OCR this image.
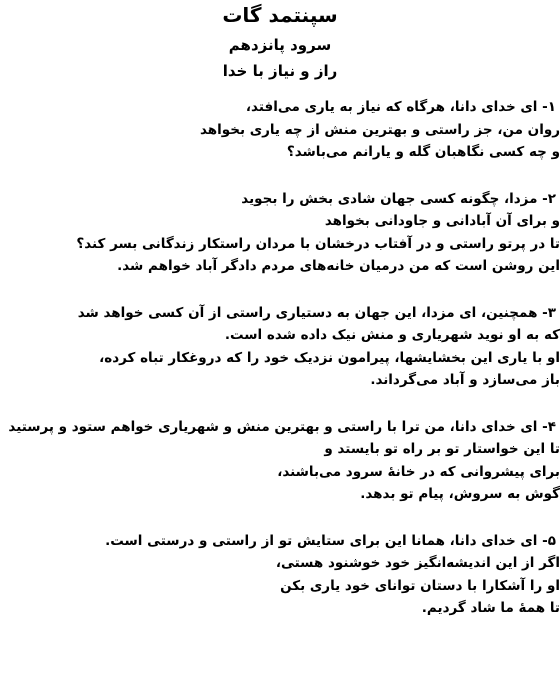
سپنتمد گات
سرود پانزدهم
راز و نیاز با خدا
۱- ای خدای دانا، هرگاه که نیاز به یاری می‌افتد،
روان من، جز راستی و بهترین منش از چه یاری بخواهد
و چه کسی نگاهبان گله و یارانم می‌باشد؟
۲- مزدا، چگونه کسی جهان شادی بخش را بجوید
و برای آن آبادانی و جاودانی بخواهد
تا در پرتو راستی و در آفتاب درخشان با مردان راستکار زندگانی بسر کند؟
این روشن است که من درمیان خانه‌های مردم دادگر آباد خواهم شد.
۳- همچنین، ای مزدا، این جهان به دستیاری راستی از آن کسی خواهد شد
که به او نوید شهریاری و منش نیک داده شده است.
او با یاری این بخشایشها، پیرامون نزدیک خود را که دروغکار تباه کرده،
باز می‌سازد و آباد می‌گرداند.
۴- ای خدای دانا، من ترا با راستی و بهترین منش و شهریاری خواهم ستود و پرستید
تا این خواستار تو بر راه تو بایستد و
برای پیشروانی که در خانهٔ سرود می‌باشند،
گوش به سروش، پیام تو بدهد.
۵- ای خدای دانا، همانا این برای ستایش تو از راستی و درستی است.
اگر از این اندیشه‌انگیز خود خوشنود هستی،
او را آشکارا با دستان توانای خود یاری بکن
تا همهٔ ما شاد گردیم.
